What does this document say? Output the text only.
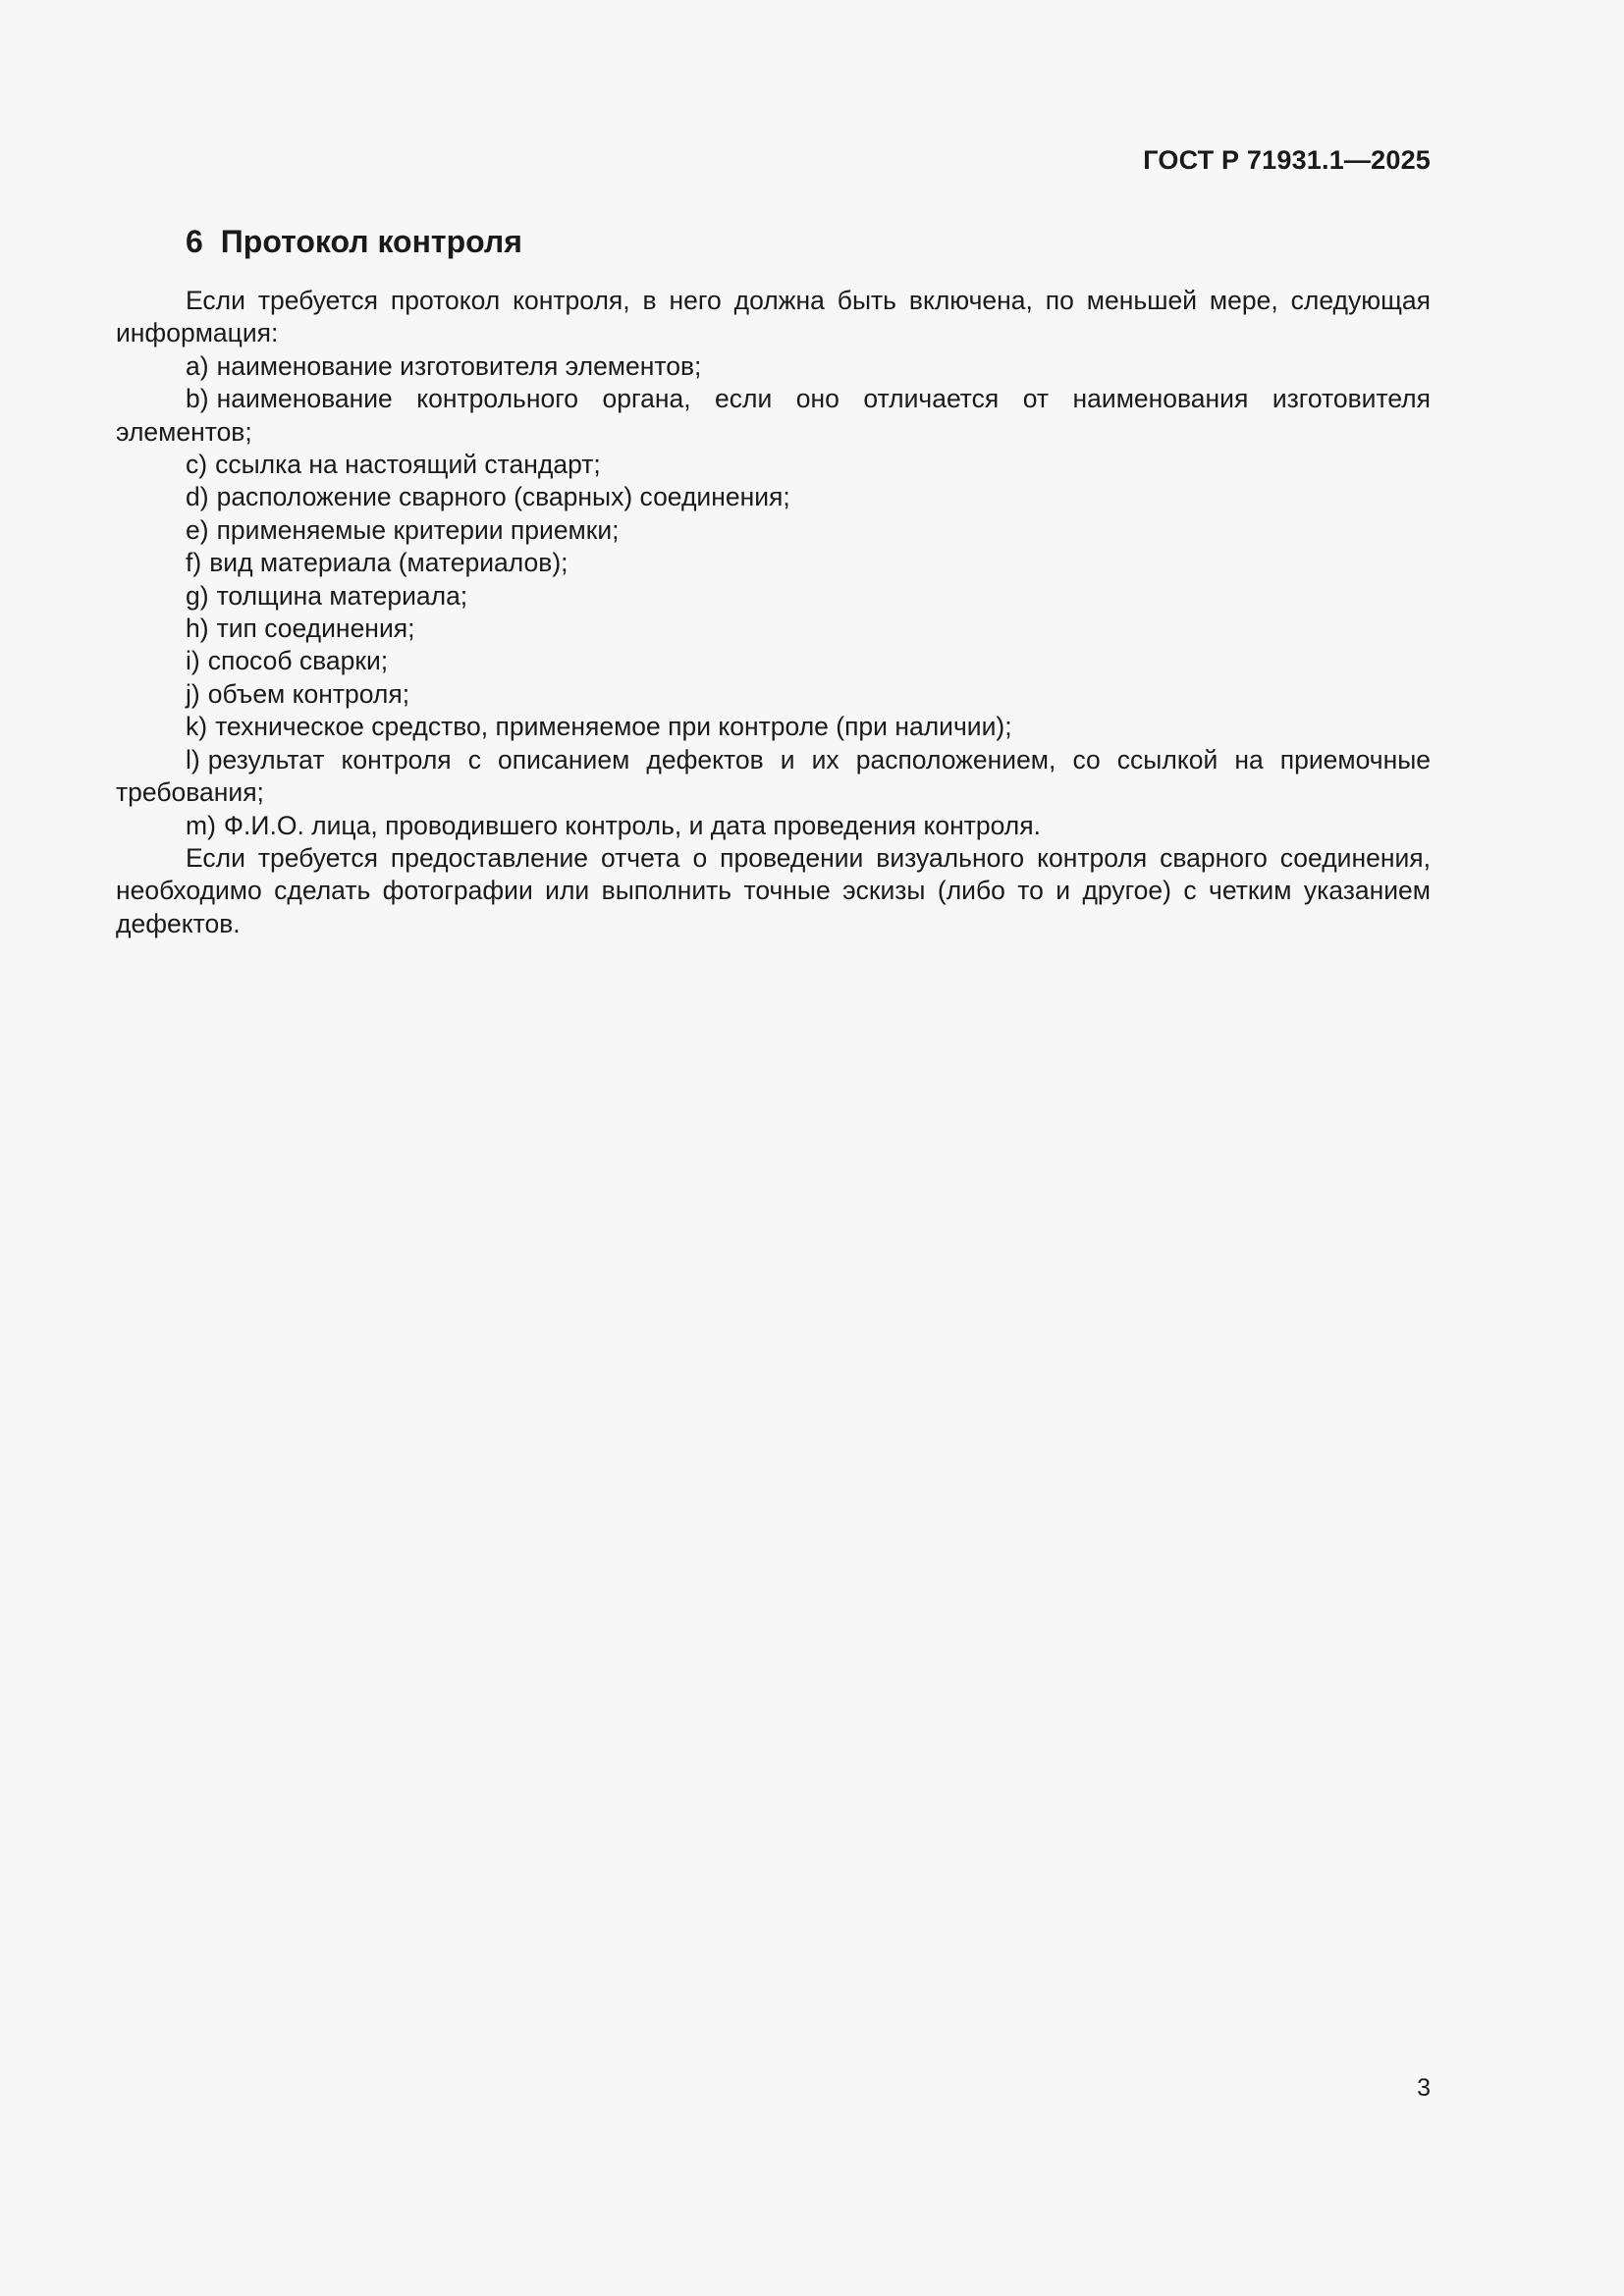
ГОСТ Р 71931.1—2025

6 Протокол контроля

Если требуется протокол контроля, в него должна быть включена, по меньшей мере, следующая информация:

a) наименование изготовителя элементов;

b) наименование контрольного органа, если оно отличается от наименования изготовителя элементов;

c) ссылка на настоящий стандарт;

d) расположение сварного (сварных) соединения;

e) применяемые критерии приемки;

f) вид материала (материалов);

g) толщина материала;

h) тип соединения;

i) способ сварки;

j) объем контроля;

k) техническое средство, применяемое при контроле (при наличии);

l) результат контроля с описанием дефектов и их расположением, со ссылкой на приемочные требования;

m) Ф.И.О. лица, проводившего контроль, и дата проведения контроля.

Если требуется предоставление отчета о проведении визуального контроля сварного соединения, необходимо сделать фотографии или выполнить точные эскизы (либо то и другое) с четким указанием дефектов.

3
